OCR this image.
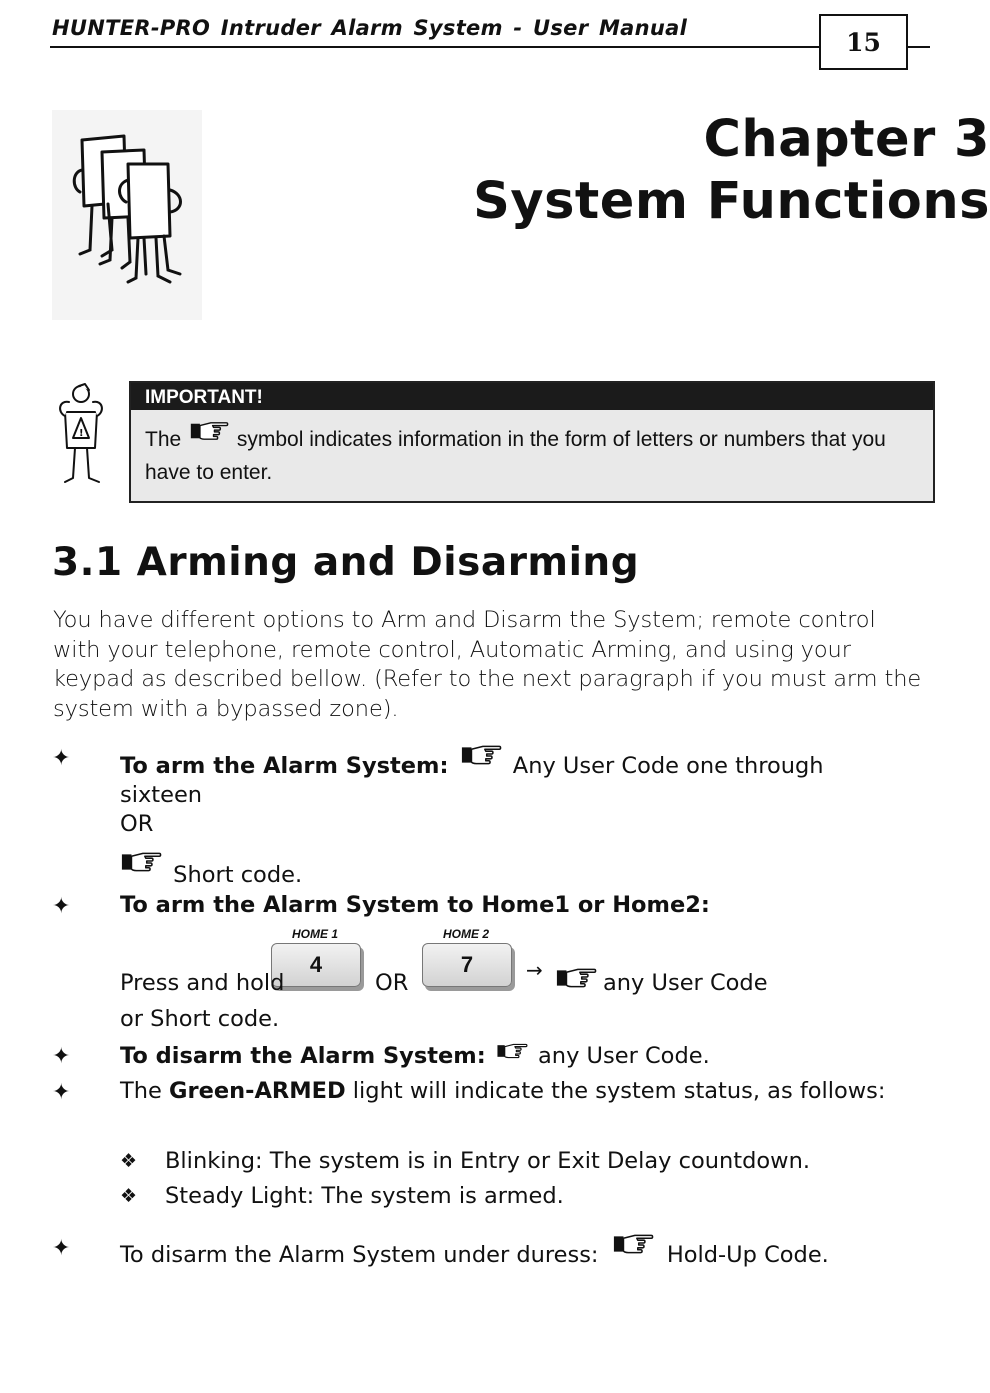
HUNTER-PRO Intruder Alarm System - User Manual	15
Chapter 3
System Functions
!
IMPORTANT!
The	symbol indicates information in the form of letters or numbers that you
have to enter.
3.1 Arming and Disarming
You have different options to Arm and Disarm the System; remote control with your telephone, remote control, Automatic Arming, and using your keypad as described bellow. (Refer to the next paragraph if you must arm the system with a bypassed zone).
✦ To arm the Alarm System:	Any User Code one through
sixteen
OR
Short code.
✦ To arm the Alarm System to Home1 or Home2:
HOME 1
4
HOME 2
7
Press and hold	OR	→	any User Code
or Short code.
✦ To disarm the Alarm System: any User Code.
✦ The Green-ARMED light will indicate the system status, as follows:
❖ Blinking: The system is in Entry or Exit Delay countdown.
❖ Steady Light: The system is armed.
✦ To disarm the Alarm System under duress:	Hold-Up Code.
